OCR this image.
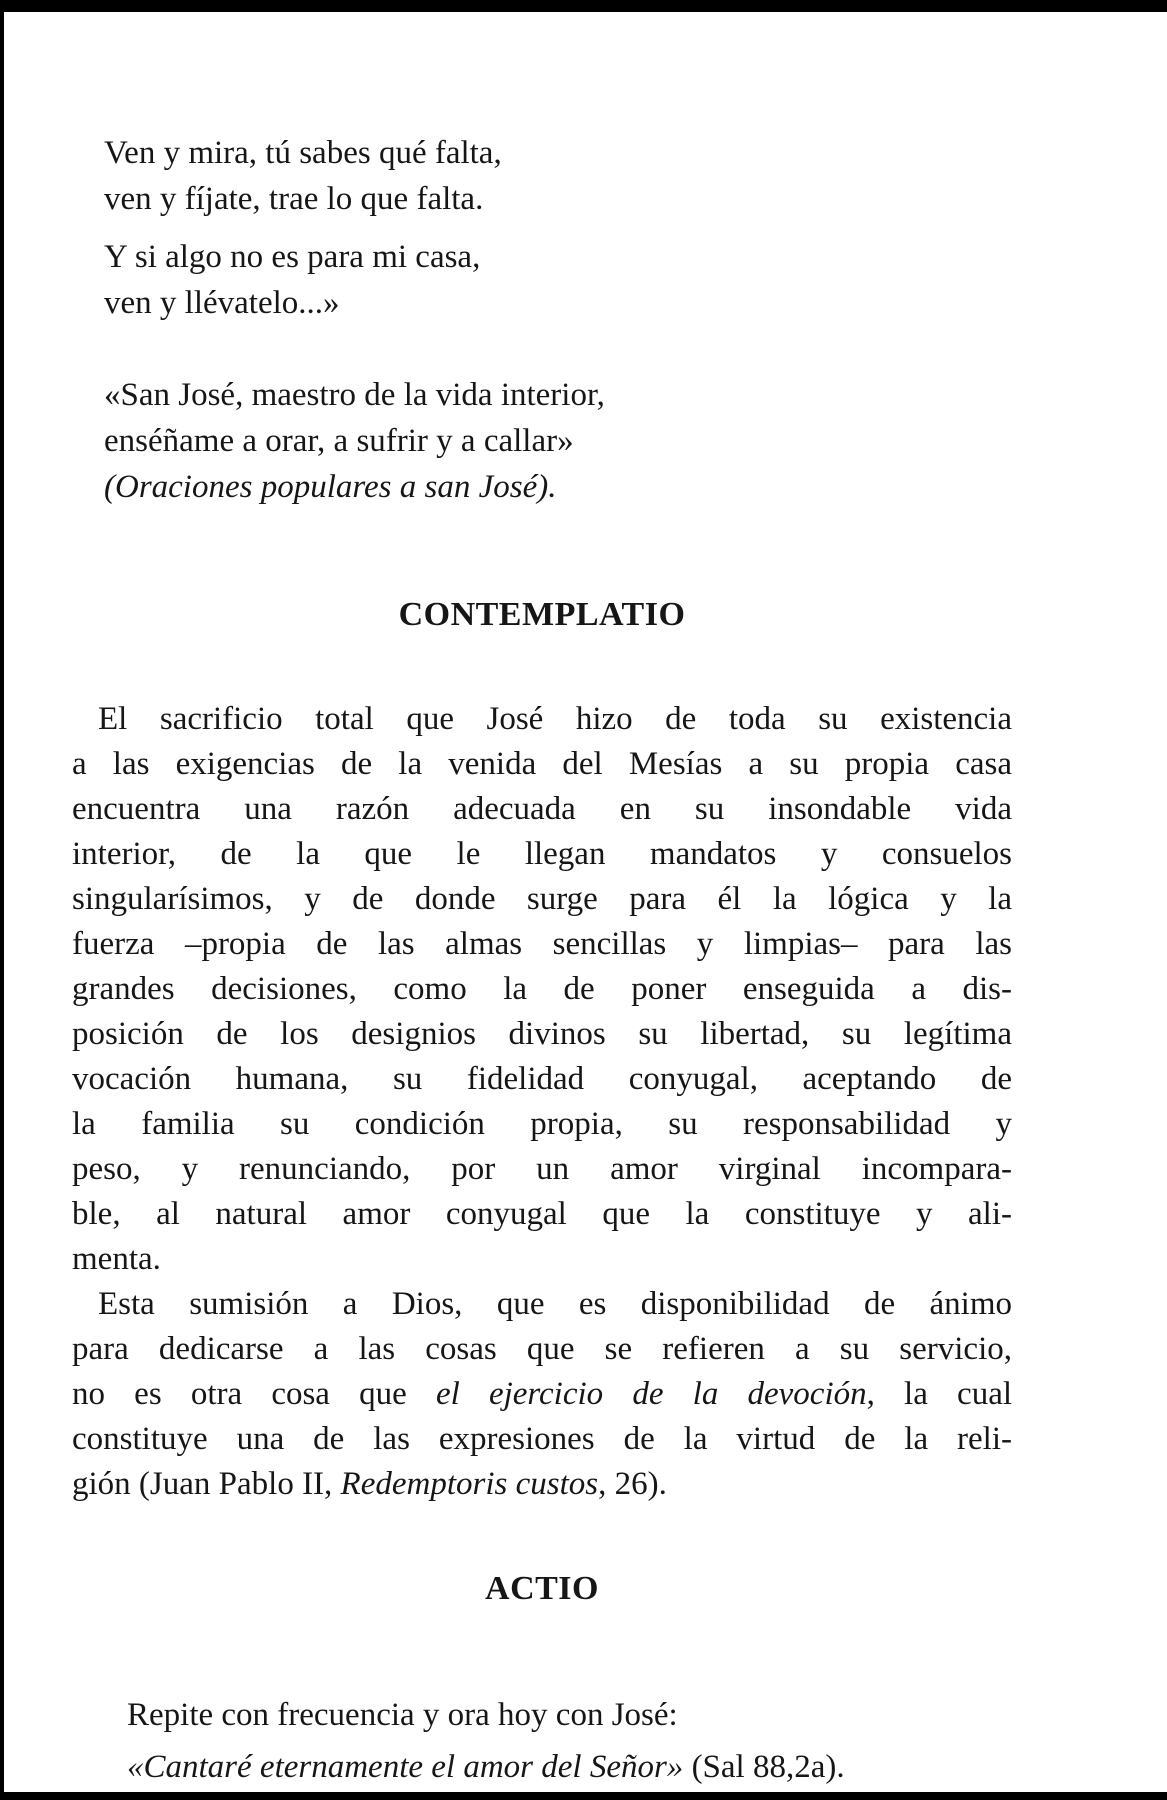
Ven y mira, tú sabes qué falta,
ven y fíjate, trae lo que falta.
Y si algo no es para mi casa,
ven y llévatelo...»
«San José, maestro de la vida interior,
enséñame a orar, a sufrir y a callar»
(Oraciones populares a san José).
CONTEMPLATIO
El sacrificio total que José hizo de toda su existencia
a las exigencias de la venida del Mesías a su propia casa
encuentra una razón adecuada en su insondable vida
interior, de la que le llegan mandatos y consuelos
singularísimos, y de donde surge para él la lógica y la
fuerza –propia de las almas sencillas y limpias– para las
grandes decisiones, como la de poner enseguida a dis-
posición de los designios divinos su libertad, su legítima
vocación humana, su fidelidad conyugal, aceptando de
la familia su condición propia, su responsabilidad y
peso, y renunciando, por un amor virginal incompara-
ble, al natural amor conyugal que la constituye y ali-
menta.
Esta sumisión a Dios, que es disponibilidad de ánimo
para dedicarse a las cosas que se refieren a su servicio,
no es otra cosa que el ejercicio de la devoción, la cual
constituye una de las expresiones de la virtud de la reli-
gión (Juan Pablo II, Redemptoris custos, 26).
ACTIO
Repite con frecuencia y ora hoy con José:
«Cantaré eternamente el amor del Señor» (Sal 88,2a).
